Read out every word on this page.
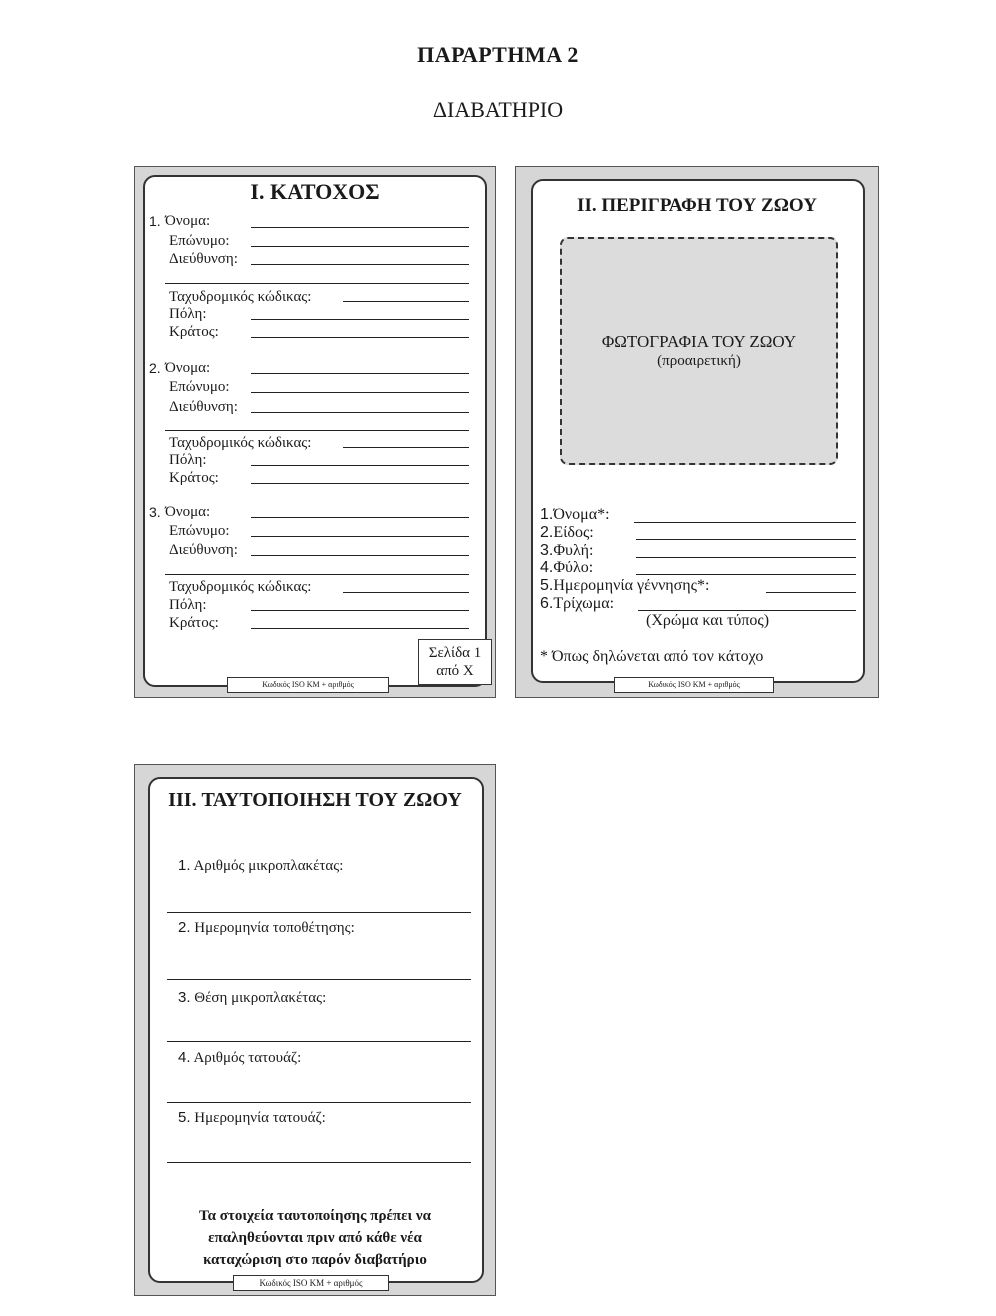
ΠΑΡΑΡΤΗΜΑ 2
ΔΙΑΒΑΤΗΡΙΟ
I. ΚΑΤΟΧΟΣ
1. Όνομα:
Επώνυμο:
Διεύθυνση:
Ταχυδρομικός κώδικας:
Πόλη:
Κράτος:
2. Όνομα:
Επώνυμο:
Διεύθυνση:
Ταχυδρομικός κώδικας:
Πόλη:
Κράτος:
3. Όνομα:
Επώνυμο:
Διεύθυνση:
Ταχυδρομικός κώδικας:
Πόλη:
Κράτος:
Σελίδα 1
από Χ
Κωδικός ISO ΚΜ + αριθμός
II. ΠΕΡΙΓΡΑΦΗ ΤΟΥ ΖΩΟΥ
ΦΩΤΟΓΡΑΦΙΑ ΤΟΥ ΖΩΟΥ
(προαιρετική)
1.Όνομα*:
2.Είδος:
3.Φυλή:
4.Φύλο:
5.Ημερομηνία γέννησης*:
6.Τρίχωμα:
(Χρώμα και τύπος)
* Όπως δηλώνεται από τον κάτοχο
Κωδικός ISO ΚΜ + αριθμός
III. ΤΑΥΤΟΠΟΙΗΣΗ ΤΟΥ ΖΩΟΥ
1. Αριθμός μικροπλακέτας:
2. Ημερομηνία τοποθέτησης:
3. Θέση μικροπλακέτας:
4. Αριθμός τατουάζ:
5. Ημερομηνία τατουάζ:
Τα στοιχεία ταυτοποίησης πρέπει να
επαληθεύονται πριν από κάθε νέα
καταχώριση στο παρόν διαβατήριο
Κωδικός ISO ΚΜ + αριθμός
